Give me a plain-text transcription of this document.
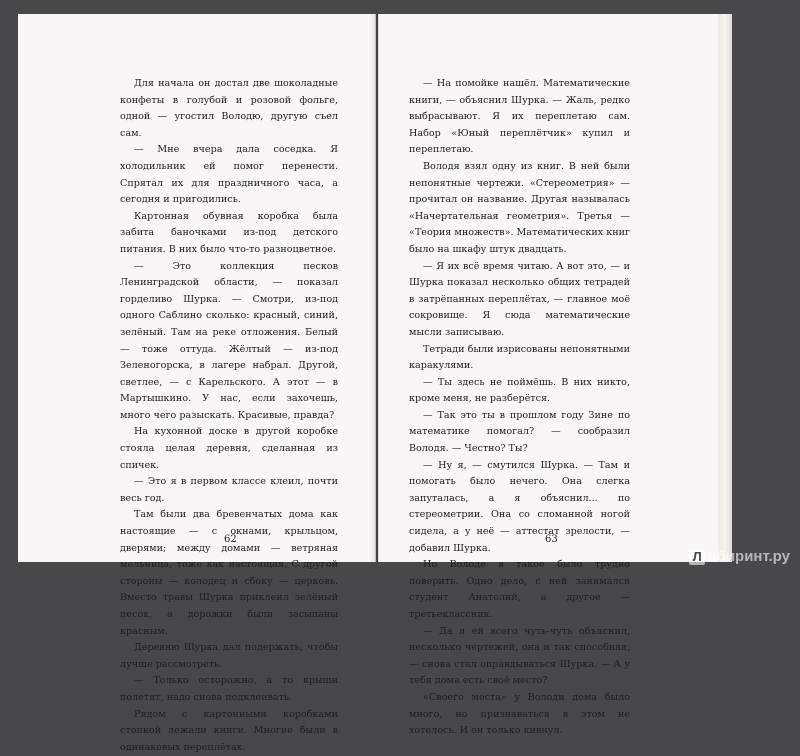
Для начала он достал две шоколадные конфеты в голубой и розовой фольге, одной — угостил Володю, другую съел сам.

— Мне вчера дала соседка. Я холодильник ей помог перенести. Спрятал их для праздничного часа, а сегодня и пригодились.

Картонная обувная коробка была забита баночками из-под детского питания. В них было что-то разноцветное.

— Это коллекция песков Ленинградской области, — показал горделиво Шурка. — Смотри, из-под одного Саблино сколько: красный, синий, зелёный. Там на реке отложения. Белый — тоже оттуда. Жёлтый — из-под Зеленогорска, в лагере набрал. Другой, светлее, — с Карельского. А этот — в Мартышкино. У нас, если захочешь, много чего разыскать. Красивые, правда?

На кухонной доске в другой коробке стояла целая деревня, сделанная из спичек.

— Это я в первом классе клеил, почти весь год.

Там были два бревенчатых дома как настоящие — с окнами, крыльцом, дверями; между домами — ветряная мельница, тоже как настоящая. С другой стороны — колодец и сбоку — церковь. Вместо травы Шурка приклеил зелёный песок, а дорожки были засыпаны красным.

Деревню Шурка дал подержать, чтобы лучше рассмотреть.

— Только осторожно, а то крыши полетят, надо снова подклеивать.

Рядом с картонными коробками стопкой лежали книги. Многие были в одинаковых переплётах.

62

— На помойке нашёл. Математические книги, — объяснил Шурка. — Жаль, редко выбрасывают. Я их переплетаю сам. Набор «Юный переплётчик» купил и переплетаю.

Володя взял одну из книг. В ней были непонятные чертежи. «Стереометрия» — прочитал он название. Другая называлась «Начертательная геометрия». Третья — «Теория множеств». Математических книг было на шкафу штук двадцать.

— Я их всё время читаю. А вот это, — и Шурка показал несколько общих тетрадей в затрёпанных переплётах, — главное моё сокровище. Я сюда математические мысли записываю.

Тетради были изрисованы непонятными каракулями.

— Ты здесь не поймёшь. В них никто, кроме меня, не разберётся.

— Так это ты в прошлом году Зине по математике помогал? — сообразил Володя. — Честно? Ты?

— Ну я, — смутился Шурка. — Там и помогать было нечего. Она слегка запуталась, а я объяснил... по стереометрии. Она со сломанной ногой сидела, а у неё — аттестат зрелости, — добавил Шурка.

Но Володе в такое было трудно поверить. Одно дело, с ней занимался студент Анатолий, а другое — третьеклассник.

— Да я ей всего чуть-чуть объяснил, несколько чертежей, она и так способная, — снова стал оправдываться Шурка. — А у тебя дома есть своё место?

«Своего места» у Володи дома было много, но признаваться в этом не хотелось. И он только кивнул.

63
Л абиринт.ру
